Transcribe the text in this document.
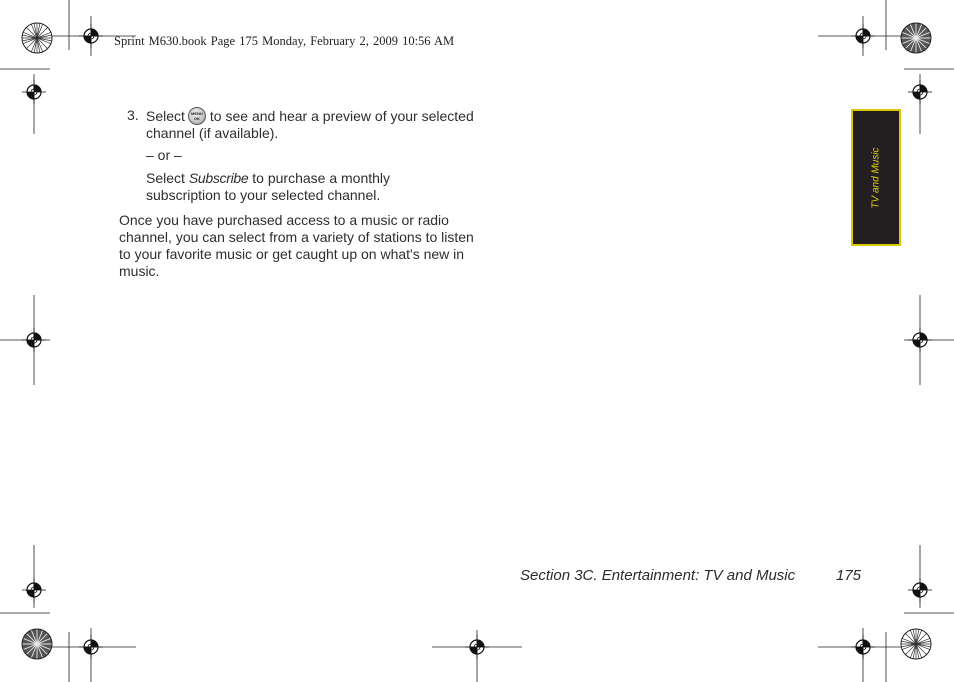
Sprint M630.book Page 175 Monday, February 2, 2009 10:56 AM
3. Select	MENU
OK to see and hear a preview of your selected channel (if available).
– or –
Select Subscribe to purchase a monthly subscription to your selected channel.
Once you have purchased access to a music or radio channel, you can select from a variety of stations to listen to your favorite music or get caught up on what's new in music.
TV and Music
Section 3C. Entertainment: TV and Music	175
